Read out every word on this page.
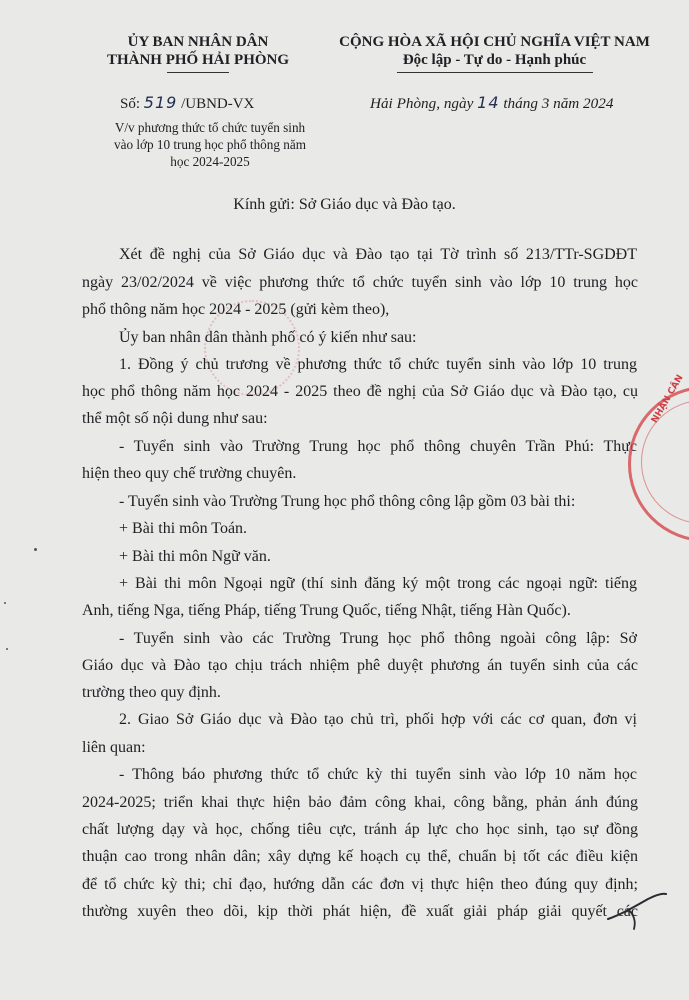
ỦY BAN NHÂN DÂN
THÀNH PHỐ HẢI PHÒNG
CỘNG HÒA XÃ HỘI CHỦ NGHĨA VIỆT NAM
Độc lập - Tự do - Hạnh phúc
Số: 519 /UBND-VX
V/v phương thức tổ chức tuyển sinh
vào lớp 10 trung học phổ thông năm
học 2024-2025
Hải Phòng, ngày 14 tháng 3 năm 2024
Kính gửi: Sở Giáo dục và Đào tạo.
Xét đề nghị của Sở Giáo dục và Đào tạo tại Tờ trình số 213/TTr-SGDĐT
ngày 23/02/2024 về việc phương thức tổ chức tuyển sinh vào lớp 10 trung học
phổ thông năm học 2024 - 2025 (gửi kèm theo),
Ủy ban nhân dân thành phố có ý kiến như sau:
1. Đồng ý chủ trương về phương thức tổ chức tuyển sinh vào lớp 10 trung
học phổ thông năm học 2024 - 2025 theo đề nghị của Sở Giáo dục và Đào tạo, cụ
thể một số nội dung như sau:
- Tuyển sinh vào Trường Trung học phổ thông chuyên Trần Phú: Thực
hiện theo quy chế trường chuyên.
- Tuyển sinh vào Trường Trung học phổ thông công lập gồm 03 bài thi:
+ Bài thi môn Toán.
+ Bài thi môn Ngữ văn.
+ Bài thi môn Ngoại ngữ (thí sinh đăng ký một trong các ngoại ngữ: tiếng
Anh, tiếng Nga, tiếng Pháp, tiếng Trung Quốc, tiếng Nhật, tiếng Hàn Quốc).
- Tuyển sinh vào các Trường Trung học phổ thông ngoài công lập: Sở
Giáo dục và Đào tạo chịu trách nhiệm phê duyệt phương án tuyển sinh của các
trường theo quy định.
2. Giao Sở Giáo dục và Đào tạo chủ trì, phối hợp với các cơ quan, đơn vị
liên quan:
- Thông báo phương thức tổ chức kỳ thi tuyển sinh vào lớp 10 năm học
2024-2025; triển khai thực hiện bảo đảm công khai, công bằng, phản ánh đúng
chất lượng dạy và học, chống tiêu cực, tránh áp lực cho học sinh, tạo sự đồng
thuận cao trong nhân dân; xây dựng kế hoạch cụ thể, chuẩn bị tốt các điều kiện
để tổ chức kỳ thi; chỉ đạo, hướng dẫn các đơn vị thực hiện theo đúng quy định;
thường xuyên theo dõi, kịp thời phát hiện, đề xuất giải pháp giải quyết các
NHẬN CÂN
